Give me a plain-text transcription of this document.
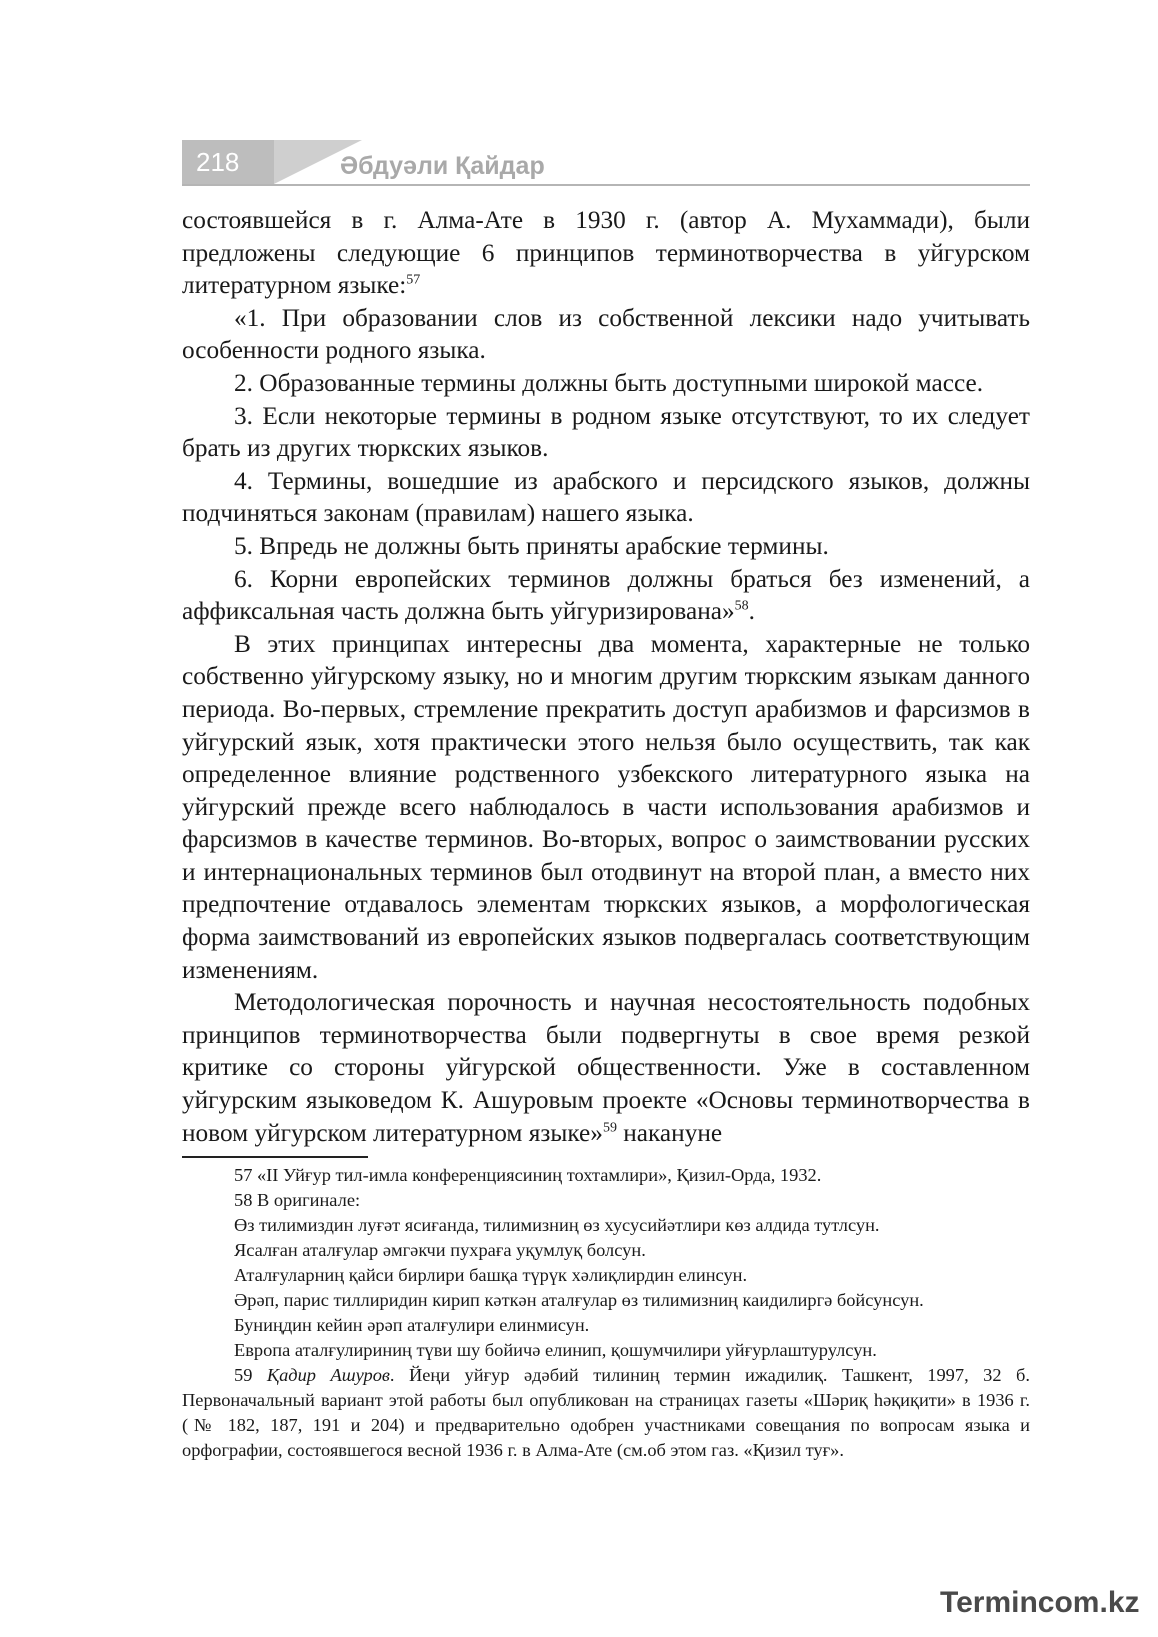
218	Әбдуәли Қайдар

состоявшейся в г. Алма-Ате в 1930 г. (автор А. Мухаммади), были предложены следующие 6 принципов терминотворчества в уйгурском литературном языке:$^{57}$

«1. При образовании слов из собственной лексики надо учитывать особенности родного языка.

2. Образованные термины должны быть доступными широкой массе.

3. Если некоторые термины в родном языке отсутствуют, то их следует брать из других тюркских языков.

4. Термины, вошедшие из арабского и персидского языков, должны подчиняться законам (правилам) нашего языка.

5. Впредь не должны быть приняты арабские термины.

6. Корни европейских терминов должны браться без изменений, а аффиксальная часть должна быть уйгуризирована»$^{58}$.

В этих принципах интересны два момента, характерные не только собственно уйгурскому языку, но и многим другим тюркским языкам данного периода. Во-первых, стремление прекратить доступ арабизмов и фарсизмов в уйгурский язык, хотя практически этого нельзя было осуществить, так как определенное влияние родственного узбекского литературного языка на уйгурский прежде всего наблюдалось в части использования арабизмов и фарсизмов в качестве терминов. Во-вторых, вопрос о заимствовании русских и интернациональных терминов был отодвинут на второй план, а вместо них предпочтение отдавалось элементам тюркских языков, а морфологическая форма заимствований из европейских языков подвергалась соответствующим изменениям.

Методологическая порочность и научная несостоятельность подобных принципов терминотворчества были подвергнуты в свое время резкой критике со стороны уйгурской общественности. Уже в составленном уйгурским языковедом К. Ашуровым проекте «Основы терминотворчества в новом уйгурском литературном языке»$^{59}$ накануне

57 «II Уйғур тил-имла конференциясиниң тохтамлири», Қизил-Орда, 1932.

58 В оригинале:

Өз тилимиздин луғәт ясиғанда, тилимизниң өз хусусийәтлири көз алдида тутлсун.

Ясалған аталғулар әмгәкчи пухраға уқумлуқ болсун.

Аталғуларниң қайси бирлири башқа түрүк хәлиқлирдин елинсун.

Әрәп, парис тиллиридин кирип кәткән аталғулар өз тилимизниң каидилиргә бойсунсун.

Буниңдин кейин әрәп аталғулири елинмисун.

Европа аталғулириниң түви шу бойичә елинип, қошумчилири уйғурлаштурулсун.

59 Қадир Ашуров. Йеңи уйғур әдәбий тилиниң термин ижадилиқ. Ташкент, 1997, 32 б. Первоначальный вариант этой работы был опубликован на страницах газеты «Шәриқ һәқиқити» в 1936 г. (№ 182, 187, 191 и 204) и предварительно одобрен участниками совещания по вопросам языка и орфографии, состоявшегося весной 1936 г. в Алма-Ате (см.об этом газ. «Қизил туғ».

Termincom.kz
